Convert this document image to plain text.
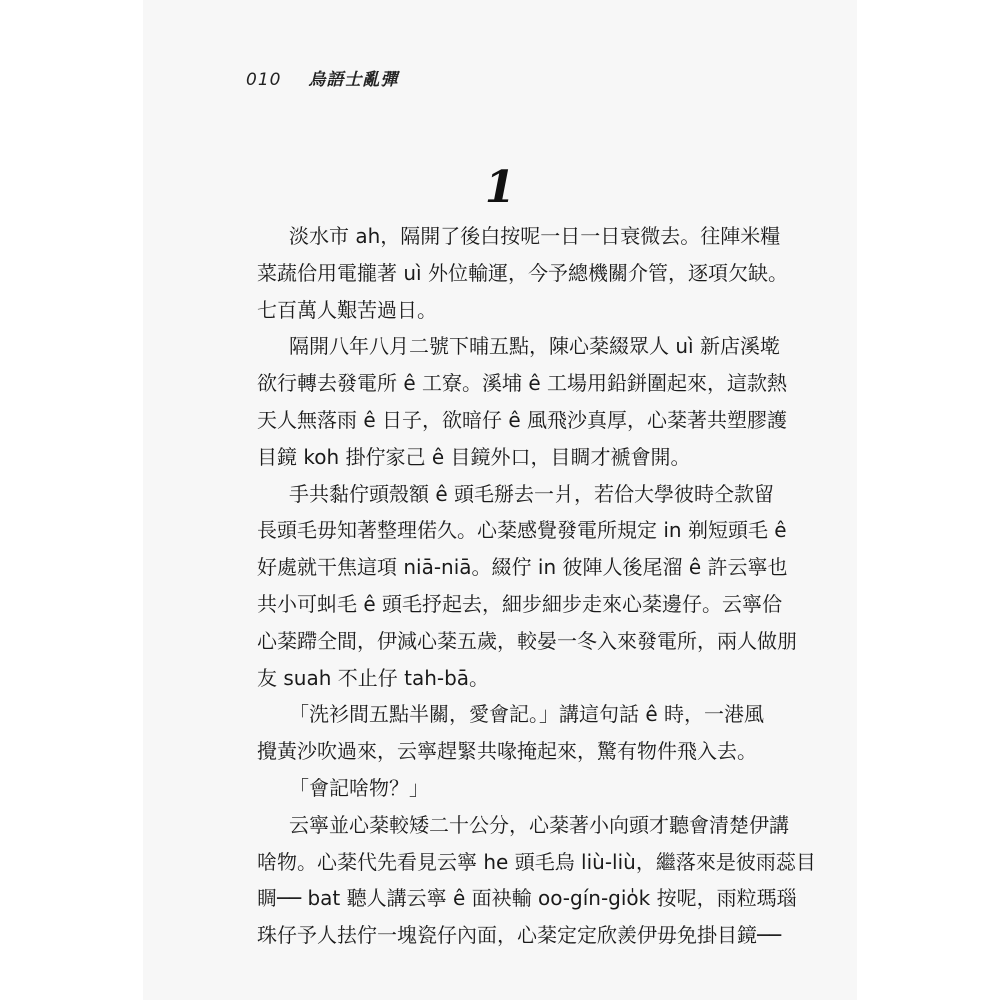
010 烏語士亂彈
1

淡水市 ah，隔開了後白按呢一日一日衰微去。往陣米糧
菜蔬佮用電攏著 uì 外位輸運，今予總機關介管，逐項欠缺。
七百萬人艱苦過日。

隔開八年八月二號下晡五點，陳心棻綴眾人 uì 新店溪墘
欲行轉去發電所 ê 工寮。溪埔 ê 工場用鉛鉼圍起來，這款熱
天人無落雨 ê 日子，欲暗仔 ê 風飛沙真厚，心棻著共塑膠護
目鏡 koh 掛佇家己 ê 目鏡外口，目睭才褫會開。

手共黏佇頭殼額 ê 頭毛掰去一爿，若佮大學彼時仝款留
長頭毛毋知著整理偌久。心棻感覺發電所規定 in 剃短頭毛 ê
好處就干焦這項 niā-niā。綴佇 in 彼陣人後尾溜 ê 許云寧也
共小可虯毛 ê 頭毛抒起去，細步細步走來心棻邊仔。云寧佮
心棻蹛仝間，伊減心棻五歲，較晏一冬入來發電所，兩人做朋
友 suah 不止仔 tah-bā。

「洗衫間五點半關，愛會記。」講這句話 ê 時，一港風
攪黃沙吹過來，云寧趕緊共喙掩起來，驚有物件飛入去。

「會記啥物？」

云寧並心棻較矮二十公分，心棻著小向頭才聽會清楚伊講
啥物。心棻代先看見云寧 he 頭毛烏 liù-liù，繼落來是彼雨蕊目
睭── bat 聽人講云寧 ê 面袂輸 oo-gín-gio̍k 按呢，雨粒瑪瑙
珠仔予人抾佇一塊瓷仔內面，心棻定定欣羨伊毋免掛目鏡──
